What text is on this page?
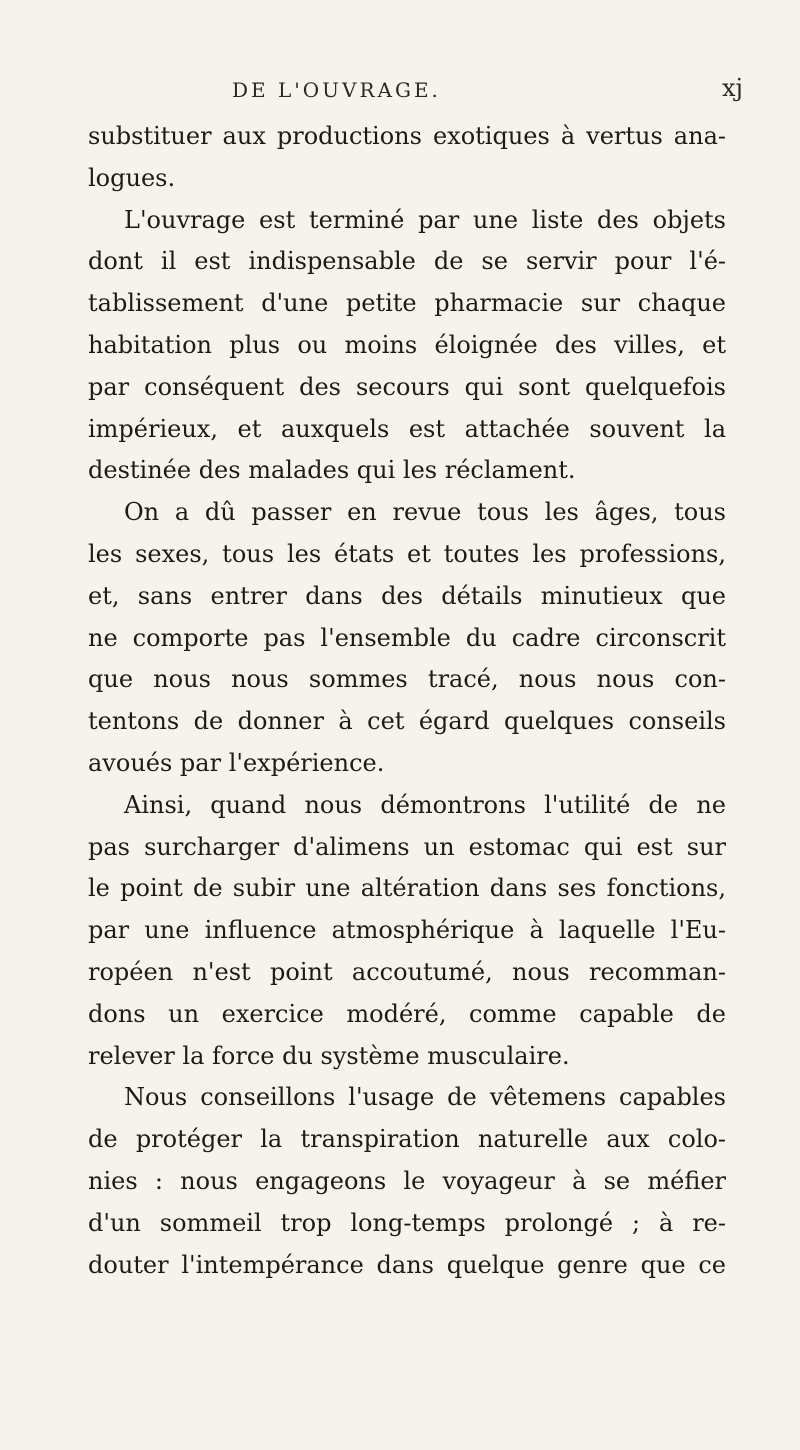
DE L'OUVRAGE.	xj
substituer aux productions exotiques à vertus ana-
logues.
L'ouvrage est terminé par une liste des objets
dont il est indispensable de se servir pour l'é-
tablissement d'une petite pharmacie sur chaque
habitation plus ou moins éloignée des villes, et
par conséquent des secours qui sont quelquefois
impérieux, et auxquels est attachée souvent la
destinée des malades qui les réclament.
On a dû passer en revue tous les âges, tous
les sexes, tous les états et toutes les professions,
et, sans entrer dans des détails minutieux que
ne comporte pas l'ensemble du cadre circonscrit
que nous nous sommes tracé, nous nous con-
tentons de donner à cet égard quelques conseils
avoués par l'expérience.
Ainsi, quand nous démontrons l'utilité de ne
pas surcharger d'alimens un estomac qui est sur
le point de subir une altération dans ses fonctions,
par une influence atmosphérique à laquelle l'Eu-
ropéen n'est point accoutumé, nous recomman-
dons un exercice modéré, comme capable de
relever la force du système musculaire.
Nous conseillons l'usage de vêtemens capables
de protéger la transpiration naturelle aux colo-
nies : nous engageons le voyageur à se méfier
d'un sommeil trop long-temps prolongé ; à re-
douter l'intempérance dans quelque genre que ce
